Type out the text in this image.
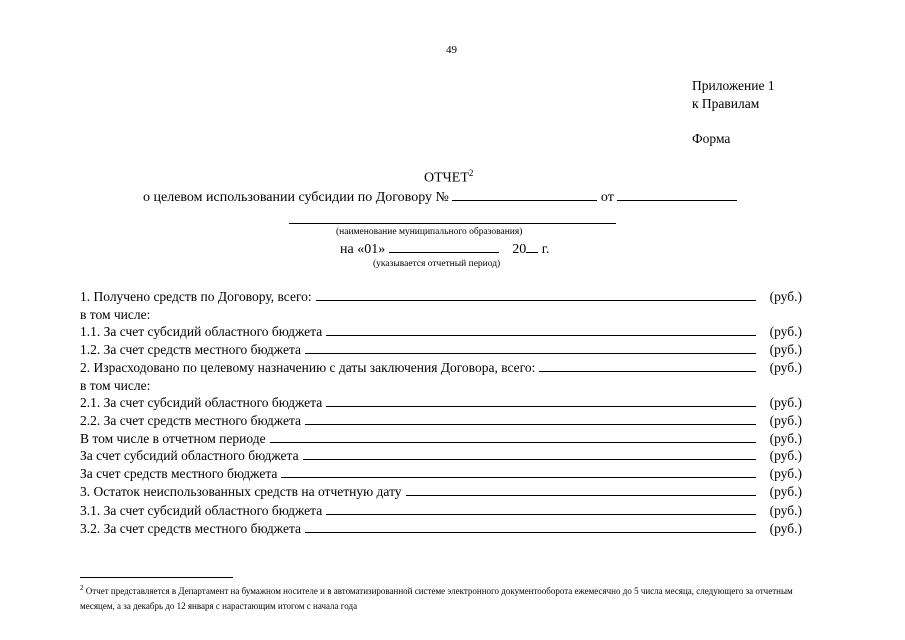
49
Приложение 1
к Правилам
Форма
ОТЧЕТ$^2$
о целевом использовании субсидии по Договору №	от
(наименование муниципального образования)
на «01»	20 г.
(указывается отчетный период)
1. Получено средств по Договору, всего:	(руб.)
в том числе:
1.1. За счет субсидий областного бюджета	(руб.)
1.2. За счет средств местного бюджета	(руб.)
2. Израсходовано по целевому назначению с даты заключения Договора, всего:	(руб.)
в том числе:
2.1. За счет субсидий областного бюджета	(руб.)
2.2. За счет средств местного бюджета	(руб.)
В том числе в отчетном периоде	(руб.)
За счет субсидий областного бюджета	(руб.)
За счет средств местного бюджета	(руб.)
3. Остаток неиспользованных средств на отчетную дату	(руб.)
3.1. За счет субсидий областного бюджета	(руб.)
3.2. За счет средств местного бюджета	(руб.)
$^2$ Отчет представляется в Департамент на бумажном носителе и в автоматизированной системе электронного документооборота ежемесячно до 5 числа месяца, следующего за отчетным месяцем, а за декабрь до 12 января с нарастающим итогом с начала года
